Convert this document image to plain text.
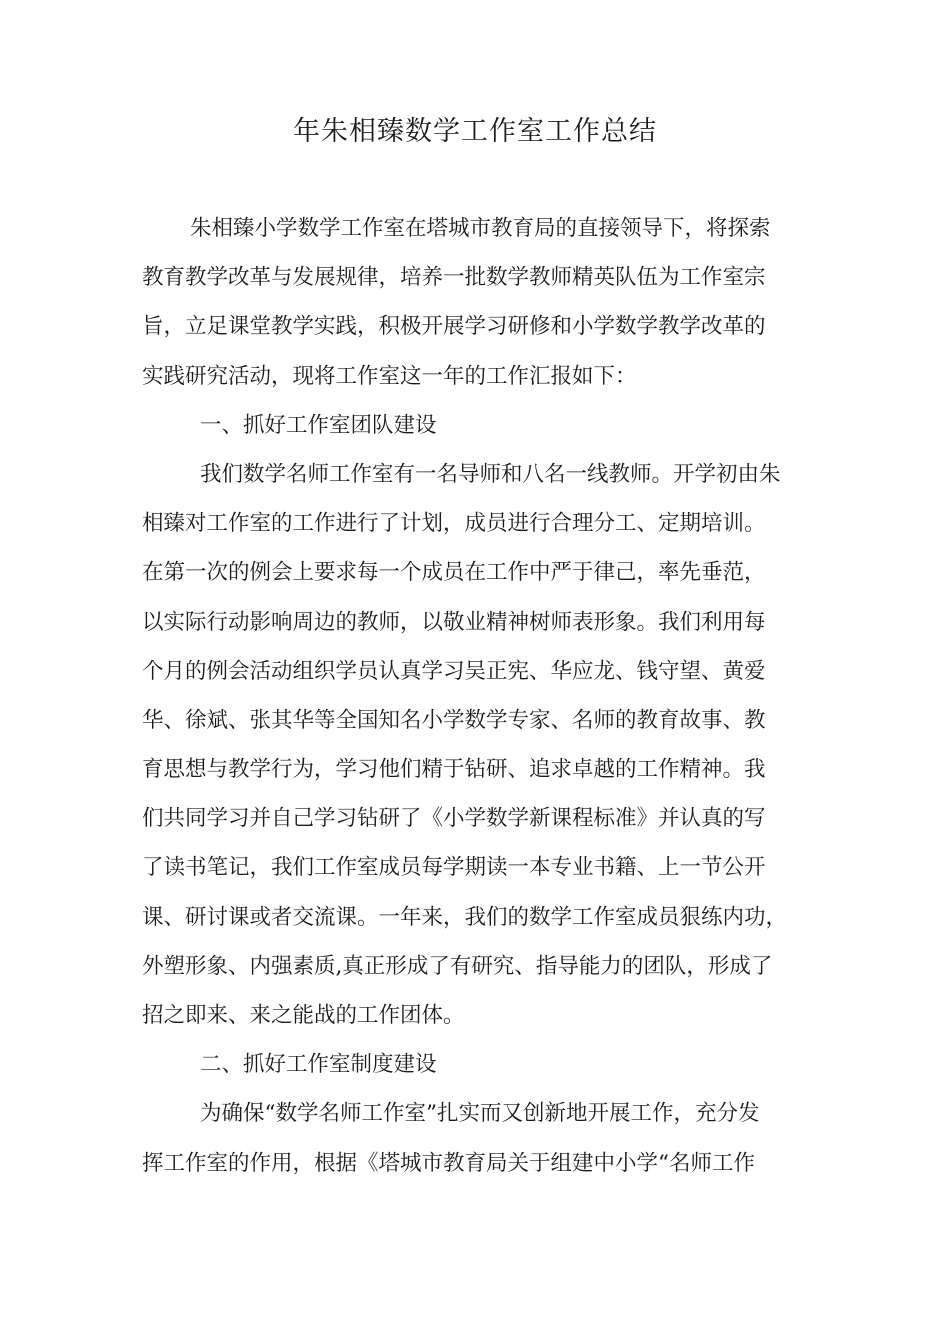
年朱相臻数学工作室工作总结
朱相臻小学数学工作室在塔城市教育局的直接领导下，将探索
教育教学改革与发展规律，培养一批数学教师精英队伍为工作室宗
旨，立足课堂教学实践，积极开展学习研修和小学数学教学改革的
实践研究活动，现将工作室这一年的工作汇报如下：
一、抓好工作室团队建设
我们数学名师工作室有一名导师和八名一线教师。开学初由朱
相臻对工作室的工作进行了计划，成员进行合理分工、定期培训。
在第一次的例会上要求每一个成员在工作中严于律己，率先垂范，
以实际行动影响周边的教师，以敬业精神树师表形象。我们利用每
个月的例会活动组织学员认真学习吴正宪、华应龙、钱守望、黄爱
华、徐斌、张其华等全国知名小学数学专家、名师的教育故事、教
育思想与教学行为，学习他们精于钻研、追求卓越的工作精神。我
们共同学习并自己学习钻研了《小学数学新课程标准》并认真的写
了读书笔记，我们工作室成员每学期读一本专业书籍、上一节公开
课、研讨课或者交流课。一年来，我们的数学工作室成员狠练内功，
外塑形象、内强素质,真正形成了有研究、指导能力的团队，形成了
招之即来、来之能战的工作团体。
二、抓好工作室制度建设
为确保“数学名师工作室”扎实而又创新地开展工作，充分发
挥工作室的作用，根据《塔城市教育局关于组建中小学“名师工作
